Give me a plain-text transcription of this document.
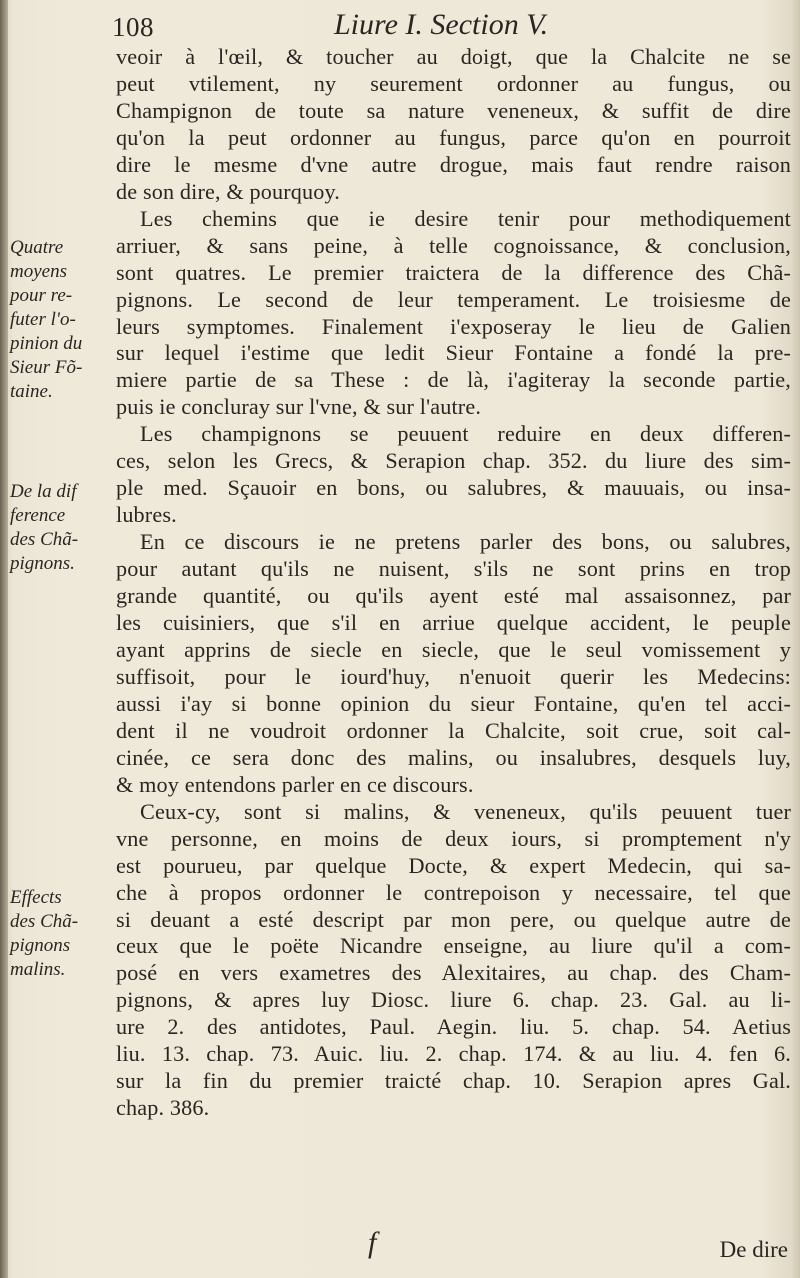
108	Liure I. Section V.
veoir à l'œil, & toucher au doigt, que la Chalcite ne se
peut vtilement, ny seurement ordonner au fungus, ou
Champignon de toute sa nature veneneux, & suffit de dire
qu'on la peut ordonner au fungus, parce qu'on en pourroit
dire le mesme d'vne autre drogue, mais faut rendre raison
de son dire, & pourquoy.
Les chemins que ie desire tenir pour methodiquement
arriuer, & sans peine, à telle cognoissance, & conclusion,
sont quatres. Le premier traictera de la difference des Chã-
pignons. Le second de leur temperament. Le troisiesme de
leurs symptomes. Finalement i'exposeray le lieu de Galien
sur lequel i'estime que ledit Sieur Fontaine a fondé la pre-
miere partie de sa These : de là, i'agiteray la seconde partie,
puis ie concluray sur l'vne, & sur l'autre.
Les champignons se peuuent reduire en deux differen-
ces, selon les Grecs, & Serapion chap. 352. du liure des sim-
ple med. Sçauoir en bons, ou salubres, & mauuais, ou insa-
lubres.
En ce discours ie ne pretens parler des bons, ou salubres,
pour autant qu'ils ne nuisent, s'ils ne sont prins en trop
grande quantité, ou qu'ils ayent esté mal assaisonnez, par
les cuisiniers, que s'il en arriue quelque accident, le peuple
ayant apprins de siecle en siecle, que le seul vomissement y
suffisoit, pour le iourd'huy, n'enuoit querir les Medecins:
aussi i'ay si bonne opinion du sieur Fontaine, qu'en tel acci-
dent il ne voudroit ordonner la Chalcite, soit crue, soit cal-
cinée, ce sera donc des malins, ou insalubres, desquels luy,
& moy entendons parler en ce discours.
Ceux-cy, sont si malins, & veneneux, qu'ils peuuent tuer
vne personne, en moins de deux iours, si promptement n'y
est pourueu, par quelque Docte, & expert Medecin, qui sa-
che à propos ordonner le contrepoison y necessaire, tel que
si deuant a esté descript par mon pere, ou quelque autre de
ceux que le poëte Nicandre enseigne, au liure qu'il a com-
posé en vers exametres des Alexitaires, au chap. des Cham-
pignons, & apres luy Diosc. liure 6. chap. 23. Gal. au li-
ure 2. des antidotes, Paul. Aegin. liu. 5. chap. 54. Aetius
liu. 13. chap. 73. Auic. liu. 2. chap. 174. & au liu. 4. fen 6.
sur la fin du premier traicté chap. 10. Serapion apres Gal.
chap. 386.
Quatre
moyens
pour re-
futer l'o-
pinion du
Sieur Fõ-
taine.
De la dif
ference
des Chã-
pignons.
Effects
des Chã-
pignons
malins.
f	De dire
